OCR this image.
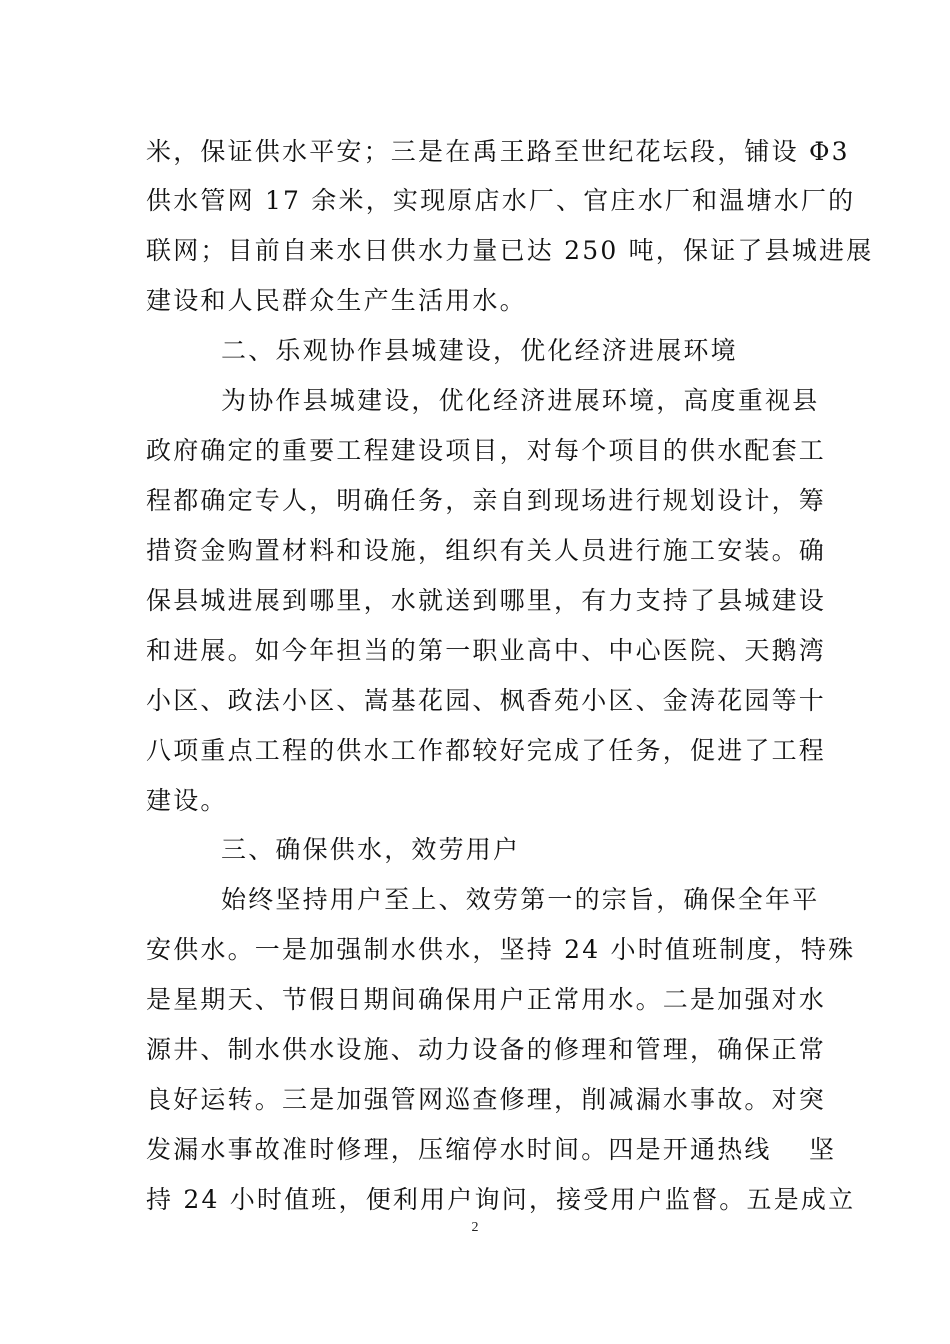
米，保证供水平安；三是在禹王路至世纪花坛段，铺设 Φ3
供水管网 17 余米，实现原店水厂、官庄水厂和温塘水厂的
联网；目前自来水日供水力量已达 250 吨，保证了县城进展
建设和人民群众生产生活用水。
二、乐观协作县城建设，优化经济进展环境
为协作县城建设，优化经济进展环境，高度重视县
政府确定的重要工程建设项目，对每个项目的供水配套工
程都确定专人，明确任务，亲自到现场进行规划设计，筹
措资金购置材料和设施，组织有关人员进行施工安装。确
保县城进展到哪里，水就送到哪里，有力支持了县城建设
和进展。如今年担当的第一职业高中、中心医院、天鹅湾
小区、政法小区、嵩基花园、枫香苑小区、金涛花园等十
八项重点工程的供水工作都较好完成了任务，促进了工程
建设。
三、确保供水，效劳用户
始终坚持用户至上、效劳第一的宗旨，确保全年平
安供水。一是加强制水供水，坚持 24 小时值班制度，特殊
是星期天、节假日期间确保用户正常用水。二是加强对水
源井、制水供水设施、动力设备的修理和管理，确保正常
良好运转。三是加强管网巡查修理，削减漏水事故。对突
发漏水事故准时修理，压缩停水时间。四是开通热线　 坚
持 24 小时值班，便利用户询问，接受用户监督。五是成立
2
